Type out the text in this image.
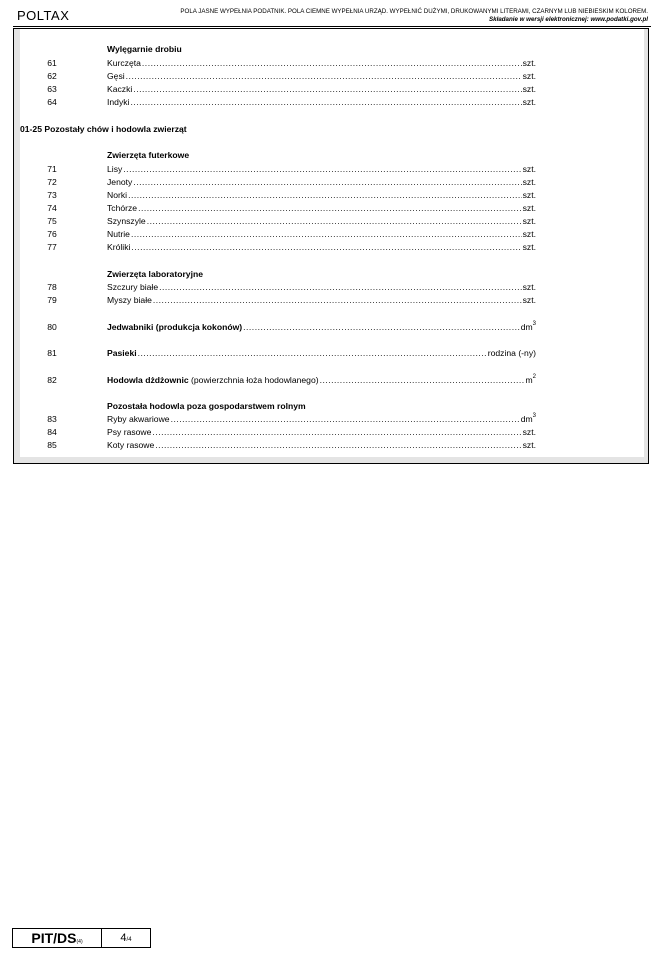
POLTAX	POLA JASNE WYPEŁNIA PODATNIK. POLA CIEMNE WYPEŁNIA URZĄD. WYPEŁNIĆ DUŻYMI, DRUKOWANYMI LITERAMI, CZARNYM LUB NIEBIESKIM KOLOREM.
Składanie w wersji elektronicznej: www.podatki.gov.pl
Wylęgarnie drobiu
61	Kurczęta .....	szt.
62	Gęsi .....	szt.
63	Kaczki .....	szt.
64	Indyki .....	szt.
01-25 Pozostały chów i hodowla zwierząt
Zwierzęta futerkowe
71	Lisy .....	szt.
72	Jenoty .....	szt.
73	Norki .....	szt.
74	Tchórze .....	szt.
75	Szynszyle .....	szt.
76	Nutrie .....	szt.
77	Króliki .....	szt.
Zwierzęta laboratoryjne
78	Szczury białe .....	szt.
79	Myszy białe .....	szt.
80	Jedwabniki (produkcja kokonów) .....	$dm^3$
81	Pasieki .....	rodzina (-ny)
82	Hodowla dżdżownic (powierzchnia łoża hodowlanego) .....	$m^2$
Pozostała hodowla poza gospodarstwem rolnym
83	Ryby akwariowe .....	$dm^3$
84	Psy rasowe .....	szt.
85	Koty rasowe .....	szt.
PIT/DS(4)	4/4
